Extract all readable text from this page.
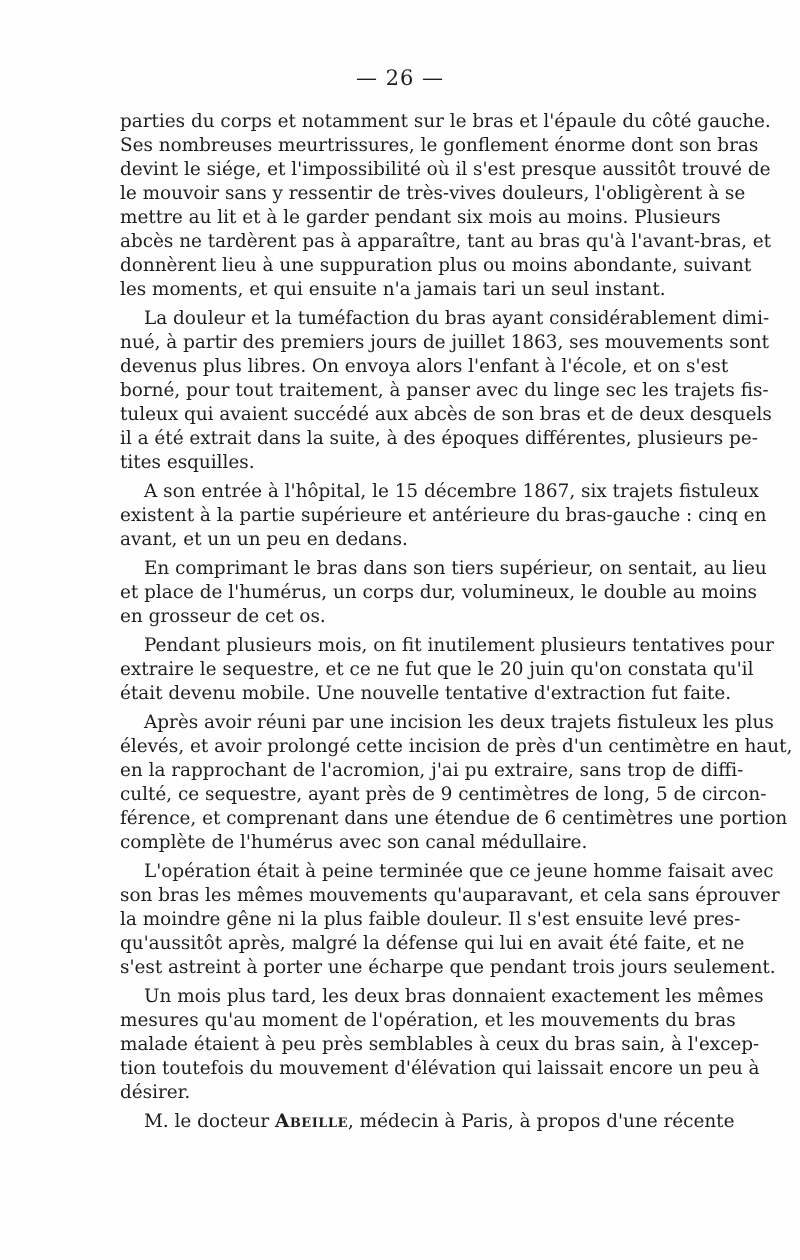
— 26 —
parties du corps et notamment sur le bras et l'épaule du côté gauche.
Ses nombreuses meurtrissures, le gonflement énorme dont son bras
devint le siége, et l'impossibilité où il s'est presque aussitôt trouvé de
le mouvoir sans y ressentir de très-vives douleurs, l'obligèrent à se
mettre au lit et à le garder pendant six mois au moins. Plusieurs
abcès ne tardèrent pas à apparaître, tant au bras qu'à l'avant-bras, et
donnèrent lieu à une suppuration plus ou moins abondante, suivant
les moments, et qui ensuite n'a jamais tari un seul instant.
La douleur et la tuméfaction du bras ayant considérablement dimi-
nué, à partir des premiers jours de juillet 1863, ses mouvements sont
devenus plus libres. On envoya alors l'enfant à l'école, et on s'est
borné, pour tout traitement, à panser avec du linge sec les trajets fis-
tuleux qui avaient succédé aux abcès de son bras et de deux desquels
il a été extrait dans la suite, à des époques différentes, plusieurs pe-
tites esquilles.
A son entrée à l'hôpital, le 15 décembre 1867, six trajets fistuleux
existent à la partie supérieure et antérieure du bras-gauche : cinq en
avant, et un un peu en dedans.
En comprimant le bras dans son tiers supérieur, on sentait, au lieu
et place de l'humérus, un corps dur, volumineux, le double au moins
en grosseur de cet os.
Pendant plusieurs mois, on fit inutilement plusieurs tentatives pour
extraire le sequestre, et ce ne fut que le 20 juin qu'on constata qu'il
était devenu mobile. Une nouvelle tentative d'extraction fut faite.
Après avoir réuni par une incision les deux trajets fistuleux les plus
élevés, et avoir prolongé cette incision de près d'un centimètre en haut,
en la rapprochant de l'acromion, j'ai pu extraire, sans trop de diffi-
culté, ce sequestre, ayant près de 9 centimètres de long, 5 de circon-
férence, et comprenant dans une étendue de 6 centimètres une portion
complète de l'humérus avec son canal médullaire.
L'opération était à peine terminée que ce jeune homme faisait avec
son bras les mêmes mouvements qu'auparavant, et cela sans éprouver
la moindre gêne ni la plus faible douleur. Il s'est ensuite levé pres-
qu'aussitôt après, malgré la défense qui lui en avait été faite, et ne
s'est astreint à porter une écharpe que pendant trois jours seulement.
Un mois plus tard, les deux bras donnaient exactement les mêmes
mesures qu'au moment de l'opération, et les mouvements du bras
malade étaient à peu près semblables à ceux du bras sain, à l'excep-
tion toutefois du mouvement d'élévation qui laissait encore un peu à
désirer.
M. le docteur Abeille, médecin à Paris, à propos d'une récente
